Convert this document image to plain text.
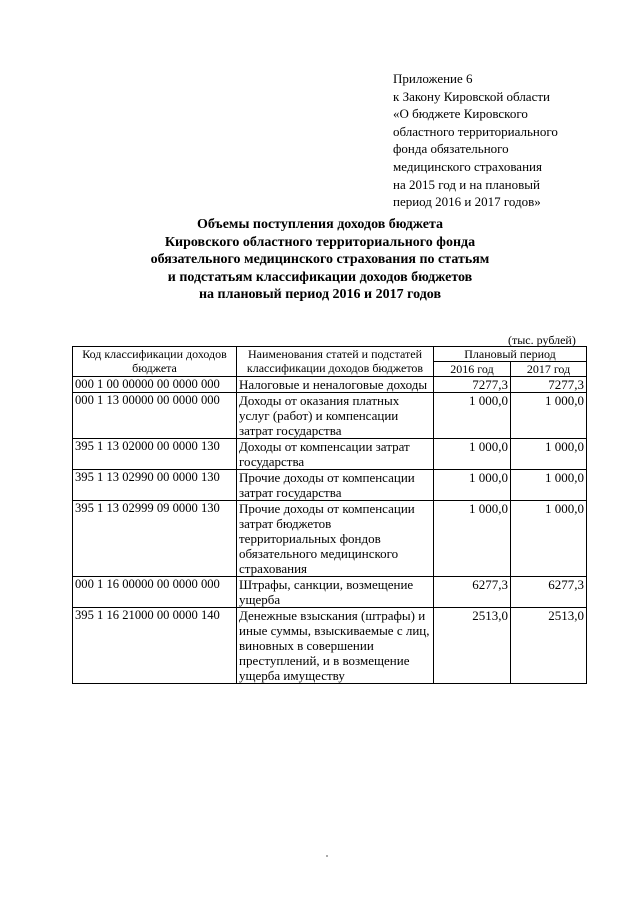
Приложение 6
к Закону Кировской области
«О бюджете Кировского
областного территориального
фонда обязательного
медицинского страхования
на 2015 год и на плановый
период 2016 и 2017 годов»
Объемы поступления доходов бюджета
Кировского областного территориального фонда
обязательного медицинского страхования по статьям
и подстатьям классификации доходов бюджетов
на плановый период 2016 и 2017 годов
(тыс. рублей)
Код классификации доходов бюджета	Наименования статей и подстатей классификации доходов бюджетов	Плановый период	
		2016 год	2017 год
000 1 00 00000 00 0000 000	Налоговые и неналоговые доходы	7277,3	7277,3
000 1 13 00000 00 0000 000	Доходы от оказания платных услуг (работ) и компенсации затрат государства	1 000,0	1 000,0
395 1 13 02000 00 0000 130	Доходы от компенсации затрат государства	1 000,0	1 000,0
395 1 13 02990 00 0000 130	Прочие доходы от компенсации затрат государства	1 000,0	1 000,0
395 1 13 02999 09 0000 130	Прочие доходы от компенсации затрат бюджетов территориальных фондов обязательного медицинского страхования	1 000,0	1 000,0
000 1 16 00000 00 0000 000	Штрафы, санкции, возмещение ущерба	6277,3	6277,3
395 1 16 21000 00 0000 140	Денежные взыскания (штрафы) и иные суммы, взыскиваемые с лиц, виновных в совершении преступлений, и в возмещение ущерба имуществу	2513,0	2513,0
